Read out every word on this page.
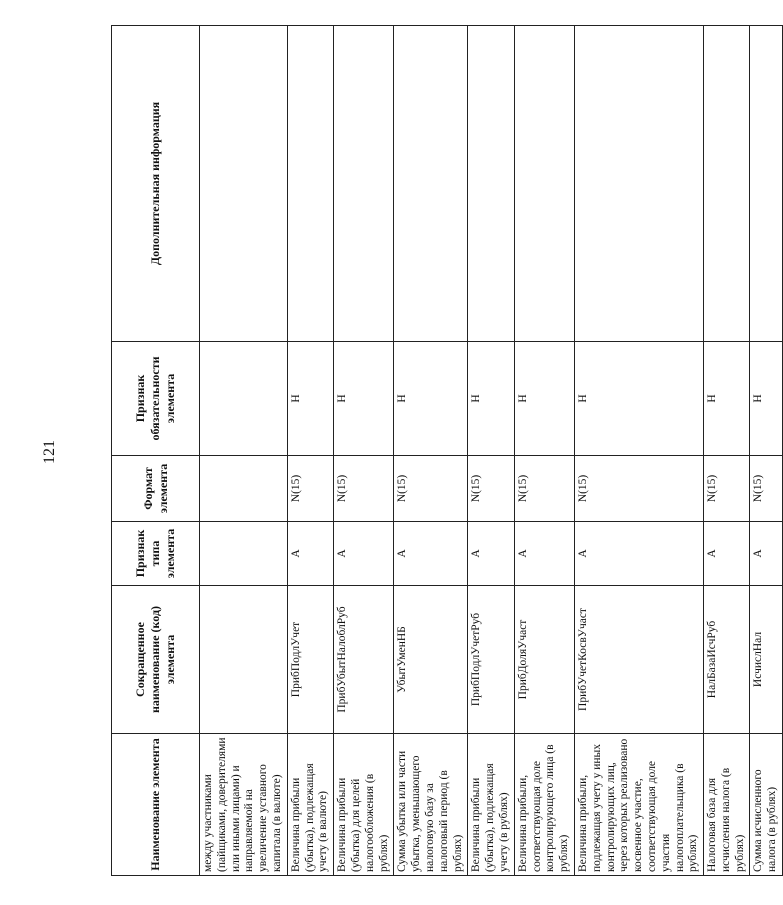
121
Наименование элемента	Сокращенное наименование (код) элемента	Признак типа элемента	Формат элемента	Признак обязательности элемента	Дополнительная информация
между участниками (пайщиками, доверителями или иными лицами) и направляемой на увеличение уставного капитала (в валюте)					
Величина прибыли (убытка), подлежащая учету (в валюте)	ПрибПодлУчет	А	N(15)	Н	
Величина прибыли (убытка) для целей налогообложения (в рублях)	ПрибУбытНалоблРуб	А	N(15)	Н	
Сумма убытка или части убытка, уменьшающего налоговую базу за налоговый период (в рублях)	УбытУменНБ	А	N(15)	Н	
Величина прибыли (убытка), подлежащая учету (в рублях)	ПрибПодлУчетРуб	А	N(15)	Н	
Величина прибыли, соответствующая доле контролирующего лица (в рублях)	ПрибДоляУчаст	А	N(15)	Н	
Величина прибыли, подлежащая учету у иных контролирующих лиц, через которых реализовано косвенное участие, соответствующая доле участия налогоплательщика (в рублях)	ПрибУчетКосвУчаст	А	N(15)	Н	
Налоговая база для исчисления налога (в рублях)	НалБазаИсчРуб	А	N(15)	Н	
Сумма исчисленного налога (в рублях)	ИсчислНал	А	N(15)	Н	
